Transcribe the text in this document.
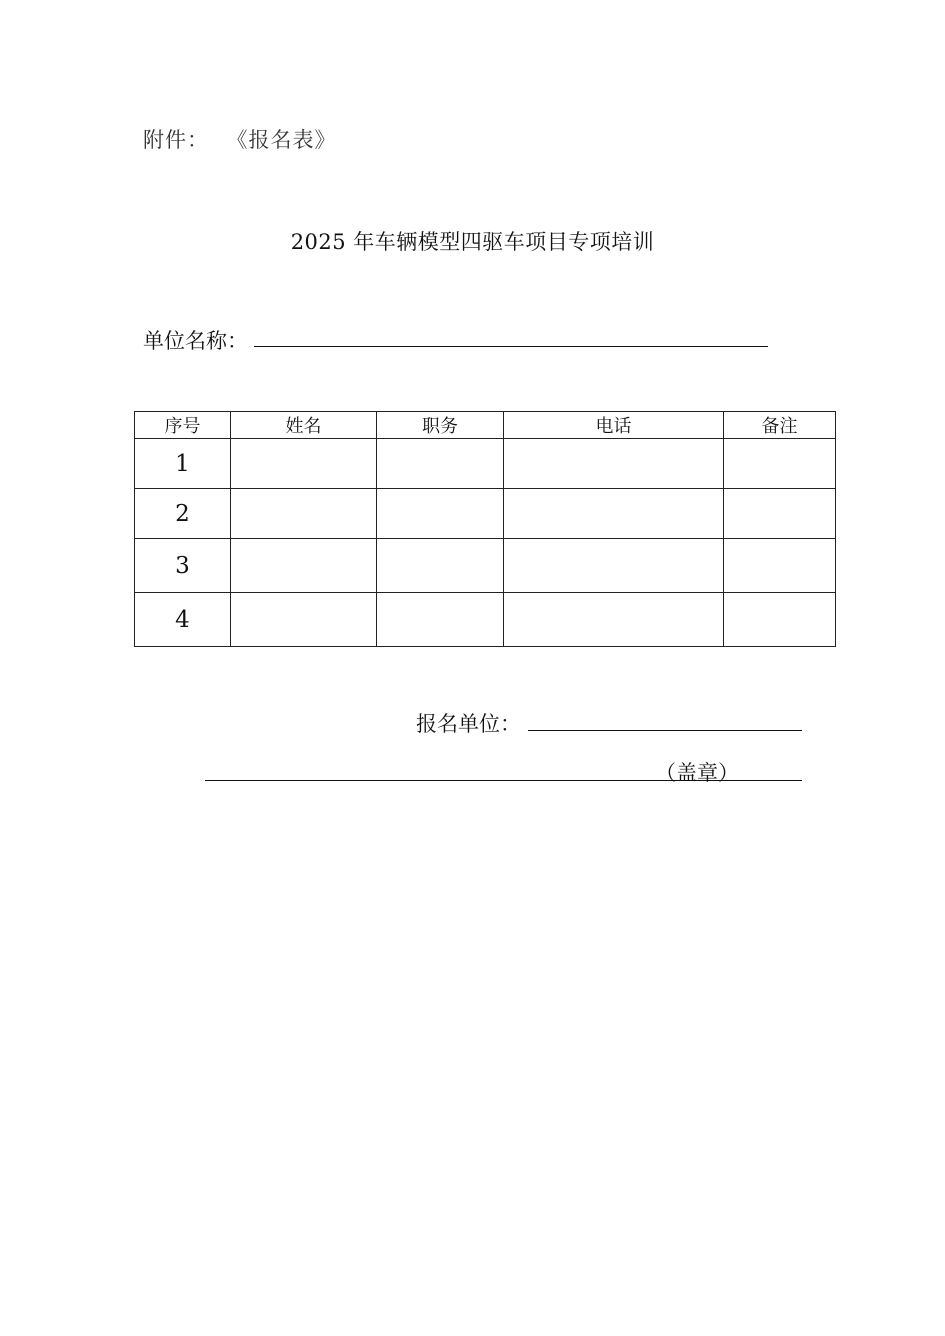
附件： 《报名表》
2025 年车辆模型四驱车项目专项培训
单位名称：
序号	姓名	职务	电话	备注
1				
2				
3				
4				
报名单位：
（盖章）
